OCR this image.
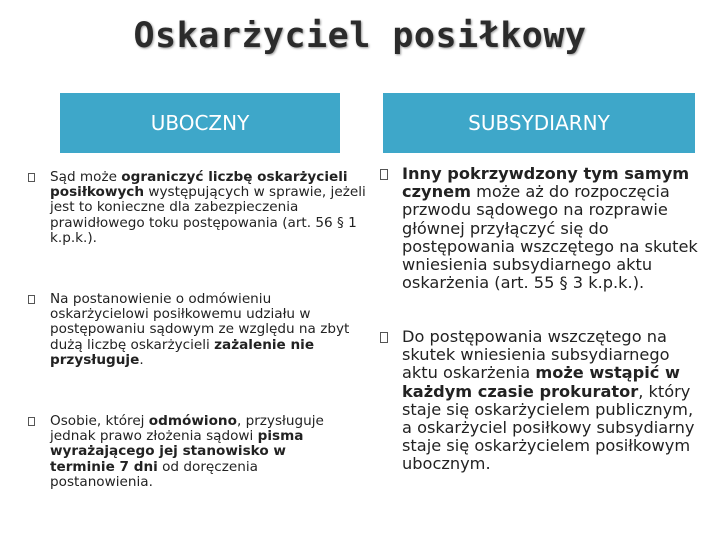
Oskarżyciel posiłkowy
UBOCZNY	SUBSYDIARNY
Sąd może ograniczyć liczbę oskarżycieli posiłkowych występujących w sprawie, jeżeli jest to konieczne dla zabezpieczenia prawidłowego toku postępowania (art. 56 § 1 k.p.k.).
Na postanowienie o odmówieniu oskarżycielowi posiłkowemu udziału w postępowaniu sądowym ze względu na zbyt dużą liczbę oskarżycieli zażalenie nie przysługuje.
Osobie, której odmówiono, przysługuje jednak prawo złożenia sądowi pisma wyrażającego jej stanowisko w terminie 7 dni od doręczenia postanowienia.
Inny pokrzywdzony tym samym czynem może aż do rozpoczęcia przwodu sądowego na rozprawie głównej przyłączyć się do postępowania wszczętego na skutek wniesienia subsydiarnego aktu oskarżenia (art. 55 § 3 k.p.k.).
Do postępowania wszczętego na skutek wniesienia subsydiarnego aktu oskarżenia może wstąpić w każdym czasie prokurator, który staje się oskarżycielem publicznym, a oskarżyciel posiłkowy subsydiarny staje się oskarżycielem posiłkowym ubocznym.
